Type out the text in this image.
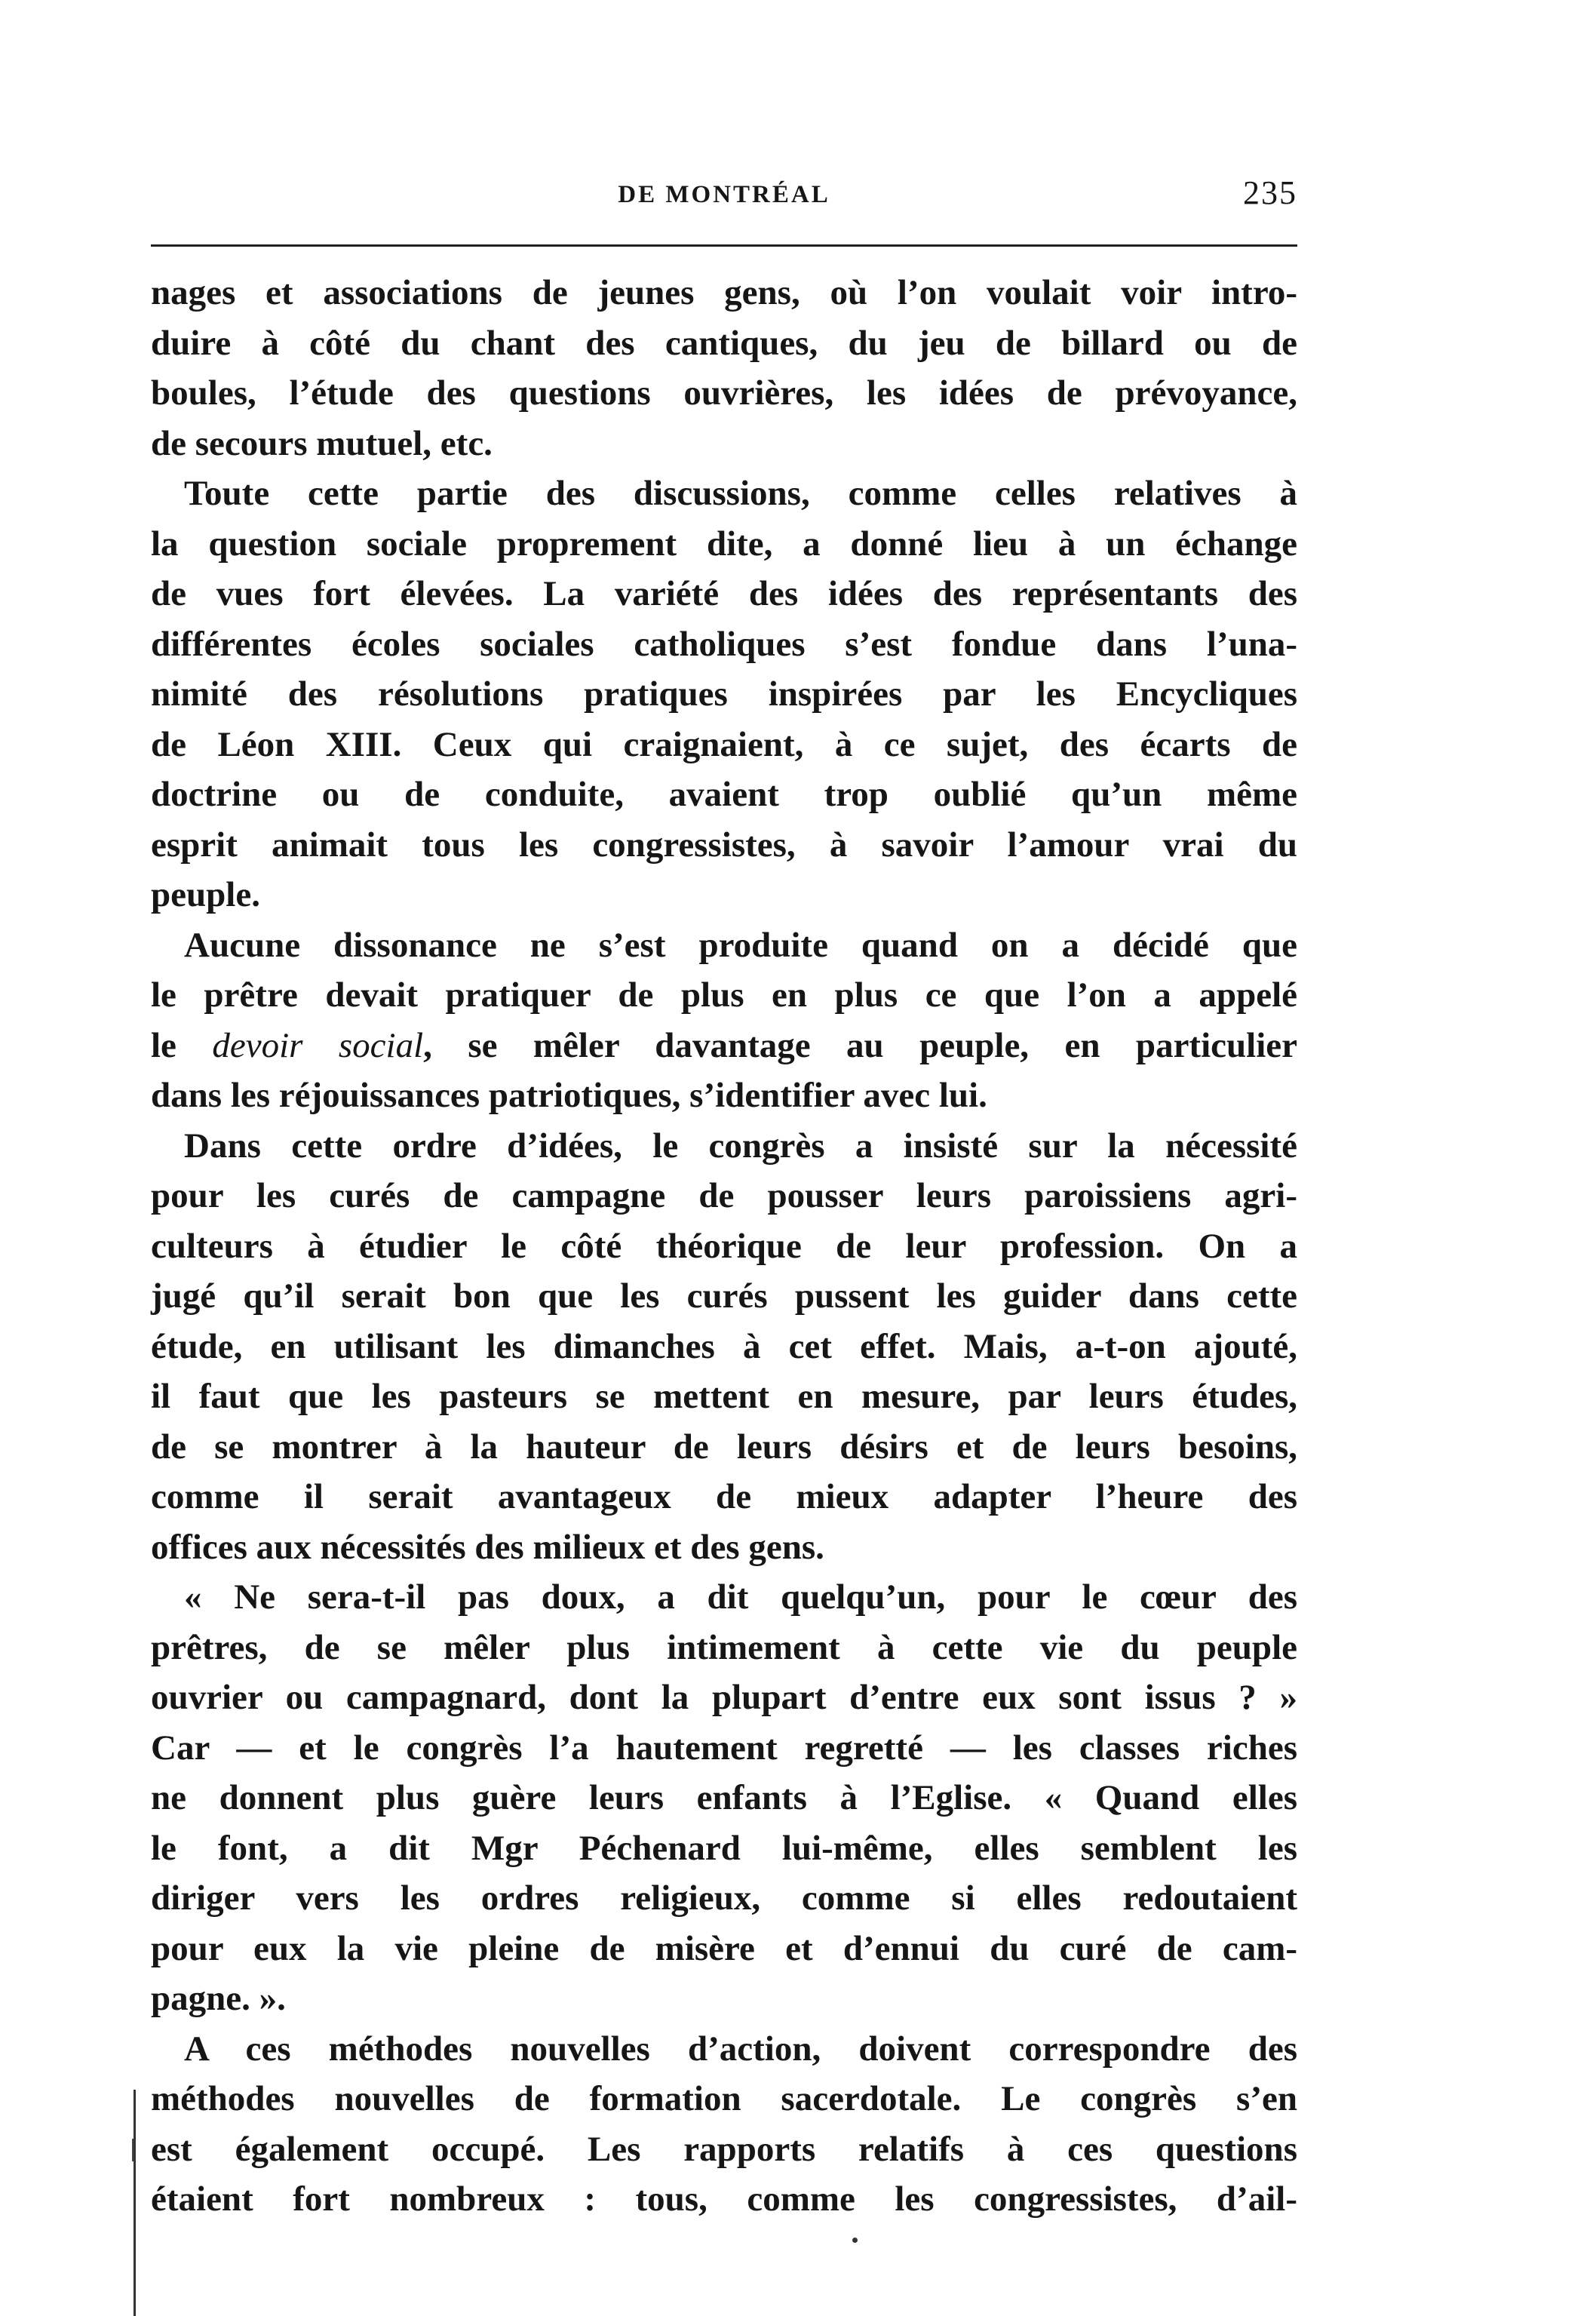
DE MONTRÉAL	235
nages et associations de jeunes gens, où l’on voulait voir intro-
duire à côté du chant des cantiques, du jeu de billard ou de
boules, l’étude des questions ouvrières, les idées de prévoyance,
de secours mutuel, etc.
Toute cette partie des discussions, comme celles relatives à
la question sociale proprement dite, a donné lieu à un échange
de vues fort élevées. La variété des idées des représentants des
différentes écoles sociales catholiques s’est fondue dans l’una-
nimité des résolutions pratiques inspirées par les Encycliques
de Léon XIII. Ceux qui craignaient, à ce sujet, des écarts de
doctrine ou de conduite, avaient trop oublié qu’un même
esprit animait tous les congressistes, à savoir l’amour vrai du
peuple.
Aucune dissonance ne s’est produite quand on a décidé que
le prêtre devait pratiquer de plus en plus ce que l’on a appelé
le devoir social, se mêler davantage au peuple, en particulier
dans les réjouissances patriotiques, s’identifier avec lui.
Dans cette ordre d’idées, le congrès a insisté sur la nécessité
pour les curés de campagne de pousser leurs paroissiens agri-
culteurs à étudier le côté théorique de leur profession. On a
jugé qu’il serait bon que les curés pussent les guider dans cette
étude, en utilisant les dimanches à cet effet. Mais, a-t-on ajouté,
il faut que les pasteurs se mettent en mesure, par leurs études,
de se montrer à la hauteur de leurs désirs et de leurs besoins,
comme il serait avantageux de mieux adapter l’heure des
offices aux nécessités des milieux et des gens.
« Ne sera-t-il pas doux, a dit quelqu’un, pour le cœur des
prêtres, de se mêler plus intimement à cette vie du peuple
ouvrier ou campagnard, dont la plupart d’entre eux sont issus ? »
Car — et le congrès l’a hautement regretté — les classes riches
ne donnent plus guère leurs enfants à l’Eglise. « Quand elles
le font, a dit Mgr Péchenard lui-même, elles semblent les
diriger vers les ordres religieux, comme si elles redoutaient
pour eux la vie pleine de misère et d’ennui du curé de cam-
pagne. ».
A ces méthodes nouvelles d’action, doivent correspondre des
méthodes nouvelles de formation sacerdotale. Le congrès s’en
est également occupé. Les rapports relatifs à ces questions
étaient fort nombreux : tous, comme les congressistes, d’ail-
